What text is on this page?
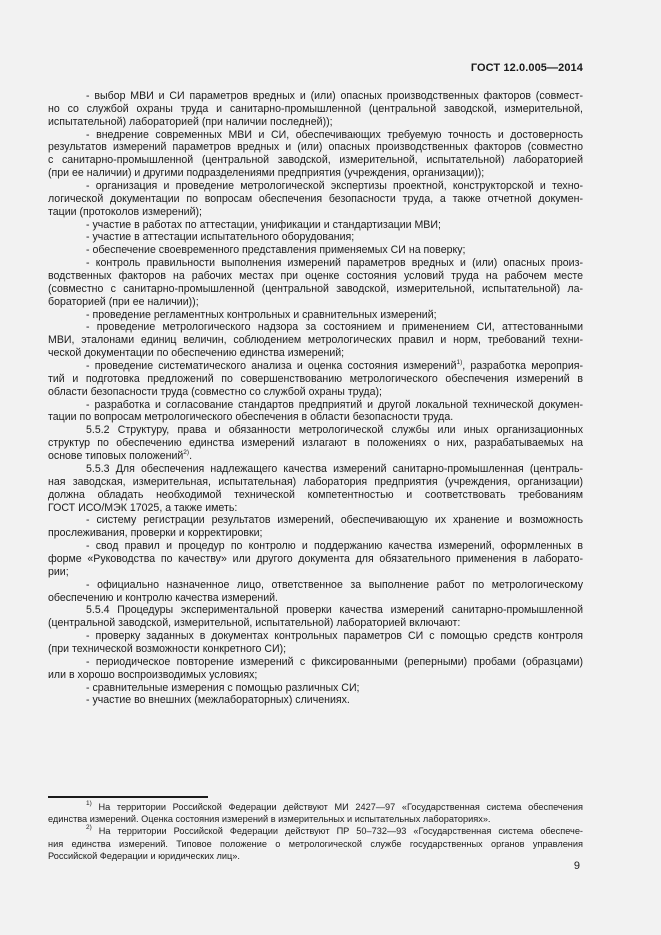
ГОСТ 12.0.005—2014
- выбор МВИ и СИ параметров вредных и (или) опасных производственных факторов (совмест-
но со службой охраны труда и санитарно-промышленной (центральной заводской, измерительной,
испытательной) лабораторией (при наличии последней));
- внедрение современных МВИ и СИ, обеспечивающих требуемую точность и достоверность
результатов измерений параметров вредных и (или) опасных производственных факторов (совместно
с санитарно-промышленной (центральной заводской, измерительной, испытательной) лабораторией
(при ее наличии) и другими подразделениями предприятия (учреждения, организации));
- организация и проведение метрологической экспертизы проектной, конструкторской и техно-
логической документации по вопросам обеспечения безопасности труда, а также отчетной докумен-
тации (протоколов измерений);
- участие в работах по аттестации, унификации и стандартизации МВИ;
- участие в аттестации испытательного оборудования;
- обеспечение своевременного представления применяемых СИ на поверку;
- контроль правильности выполнения измерений параметров вредных и (или) опасных произ-
водственных факторов на рабочих местах при оценке состояния условий труда на рабочем месте
(совместно с санитарно-промышленной (центральной заводской, измерительной, испытательной) ла-
бораторией (при ее наличии));
- проведение регламентных контрольных и сравнительных измерений;
- проведение метрологического надзора за состоянием и применением СИ, аттестованными
МВИ, эталонами единиц величин, соблюдением метрологических правил и норм, требований техни-
ческой документации по обеспечению единства измерений;
- проведение систематического анализа и оценка состояния измерений$^{1)}$, разработка мероприя-
тий и подготовка предложений по совершенствованию метрологического обеспечения измерений в
области безопасности труда (совместно со службой охраны труда);
- разработка и согласование стандартов предприятий и другой локальной технической докумен-
тации по вопросам метрологического обеспечения в области безопасности труда.
5.5.2 Структуру, права и обязанности метрологической службы или иных организационных
структур по обеспечению единства измерений излагают в положениях о них, разрабатываемых на
основе типовых положений$^{2)}$.
5.5.3 Для обеспечения надлежащего качества измерений санитарно-промышленная (централь-
ная заводская, измерительная, испытательная) лаборатория предприятия (учреждения, организации)
должна обладать необходимой технической компетентностью и соответствовать требованиям
ГОСТ ИСО/МЭК 17025, а также иметь:
- систему регистрации результатов измерений, обеспечивающую их хранение и возможность
прослеживания, проверки и корректировки;
- свод правил и процедур по контролю и поддержанию качества измерений, оформленных в
форме «Руководства по качеству» или другого документа для обязательного применения в лаборато-
рии;
- официально назначенное лицо, ответственное за выполнение работ по метрологическому
обеспечению и контролю качества измерений.
5.5.4 Процедуры экспериментальной проверки качества измерений санитарно-промышленной
(центральной заводской, измерительной, испытательной) лабораторией включают:
- проверку заданных в документах контрольных параметров СИ с помощью средств контроля
(при технической возможности конкретного СИ);
- периодическое повторение измерений с фиксированными (реперными) пробами (образцами)
или в хорошо воспроизводимых условиях;
- сравнительные измерения с помощью различных СИ;
- участие во внешних (межлабораторных) сличениях.
$^{1)}$ На территории Российской Федерации действуют МИ 2427—97 «Государственная система обеспечения
единства измерений. Оценка состояния измерений в измерительных и испытательных лабораториях».
$^{2)}$ На территории Российской Федерации действуют ПР 50–732—93 «Государственная система обеспече-
ния единства измерений. Типовое положение о метрологической службе государственных органов управления
Российской Федерации и юридических лиц».
9
